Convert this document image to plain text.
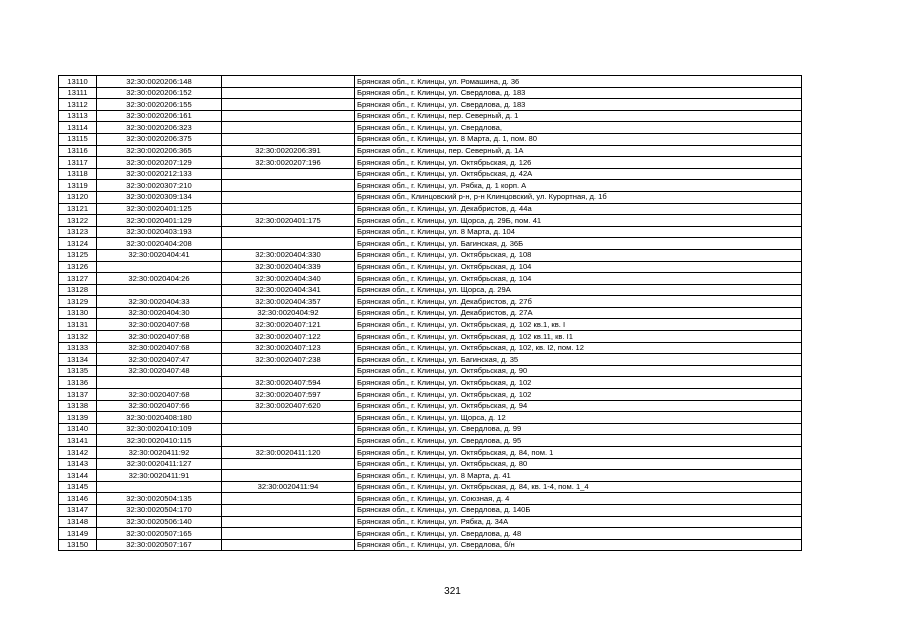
13110	32:30:0020206:148		Брянская обл., г. Клинцы, ул. Ромашина, д. 36
13111	32:30:0020206:152		Брянская обл., г. Клинцы, ул. Свердлова, д. 183
13112	32:30:0020206:155		Брянская обл., г. Клинцы, ул. Свердлова, д. 183
13113	32:30:0020206:161		Брянская обл., г. Клинцы, пер. Северный, д. 1
13114	32:30:0020206:323		Брянская обл., г. Клинцы, ул. Свердлова,
13115	32:30:0020206:375		Брянская обл., г. Клинцы, ул. 8 Марта, д. 1, пом. 80
13116	32:30:0020206:365	32:30:0020206:391	Брянская обл., г. Клинцы, пер. Северный, д. 1А
13117	32:30:0020207:129	32:30:0020207:196	Брянская обл., г. Клинцы, ул. Октябрьская, д. 126
13118	32:30:0020212:133		Брянская обл., г. Клинцы, ул. Октябрьская, д. 42А
13119	32:30:0020307:210		Брянская обл., г. Клинцы, ул. Рябка, д. 1 корп. А
13120	32:30:0020309:134		Брянская обл., Клинцовский р-н, р-н Клинцовский, ул. Курортная, д. 1б
13121	32:30:0020401:125		Брянская обл., г. Клинцы, ул. Декабристов, д. 44а
13122	32:30:0020401:129	32:30:0020401:175	Брянская обл., г. Клинцы, ул. Щорса, д. 29Б, пом. 41
13123	32:30:0020403:193		Брянская обл., г. Клинцы, ул. 8 Марта, д. 104
13124	32:30:0020404:208		Брянская обл., г. Клинцы, ул. Багинская, д. 36Б
13125	32:30:0020404:41	32:30:0020404:330	Брянская обл., г. Клинцы, ул. Октябрьская, д. 108
13126		32:30:0020404:339	Брянская обл., г. Клинцы, ул. Октябрьская, д. 104
13127	32:30:0020404:26	32:30:0020404:340	Брянская обл., г. Клинцы, ул. Октябрьская, д. 104
13128		32:30:0020404:341	Брянская обл., г. Клинцы, ул. Щорса, д. 29А
13129	32:30:0020404:33	32:30:0020404:357	Брянская обл., г. Клинцы, ул. Декабристов, д. 27б
13130	32:30:0020404:30	32:30:0020404:92	Брянская обл., г. Клинцы, ул. Декабристов, д. 27А
13131	32:30:0020407:68	32:30:0020407:121	Брянская обл., г. Клинцы, ул. Октябрьская, д. 102 кв.1, кв. I
13132	32:30:0020407:68	32:30:0020407:122	Брянская обл., г. Клинцы, ул. Октябрьская, д. 102 кв.11, кв. I1
13133	32:30:0020407:68	32:30:0020407:123	Брянская обл., г. Клинцы, ул. Октябрьская, д. 102, кв. I2, пом. 12
13134	32:30:0020407:47	32:30:0020407:238	Брянская обл., г. Клинцы, ул. Багинская, д. 35
13135	32:30:0020407:48		Брянская обл., г. Клинцы, ул. Октябрьская, д. 90
13136		32:30:0020407:594	Брянская обл., г. Клинцы, ул. Октябрьская, д. 102
13137	32:30:0020407:68	32:30:0020407:597	Брянская обл., г. Клинцы, ул. Октябрьская, д. 102
13138	32:30:0020407:66	32:30:0020407:620	Брянская обл., г. Клинцы, ул. Октябрьская, д. 94
13139	32:30:0020408:180		Брянская обл., г. Клинцы, ул. Щорса, д. 12
13140	32:30:0020410:109		Брянская обл., г. Клинцы, ул. Свердлова, д. 99
13141	32:30:0020410:115		Брянская обл., г. Клинцы, ул. Свердлова, д. 95
13142	32:30:0020411:92	32:30:0020411:120	Брянская обл., г. Клинцы, ул. Октябрьская, д. 84, пом. 1
13143	32:30:0020411:127		Брянская обл., г. Клинцы, ул. Октябрьская, д. 80
13144	32:30:0020411:91		Брянская обл., г. Клинцы, ул. 8 Марта, д. 41
13145		32:30:0020411:94	Брянская обл., г. Клинцы, ул. Октябрьская, д. 84, кв. 1-4, пом. 1_4
13146	32:30:0020504:135		Брянская обл., г. Клинцы, ул. Союзная, д. 4
13147	32:30:0020504:170		Брянская обл., г. Клинцы, ул. Свердлова, д. 140Б
13148	32:30:0020506:140		Брянская обл., г. Клинцы, ул. Рябка, д. 34А
13149	32:30:0020507:165		Брянская обл., г. Клинцы, ул. Свердлова, д. 48
13150	32:30:0020507:167		Брянская обл., г. Клинцы, ул. Свердлова, б/н
321
